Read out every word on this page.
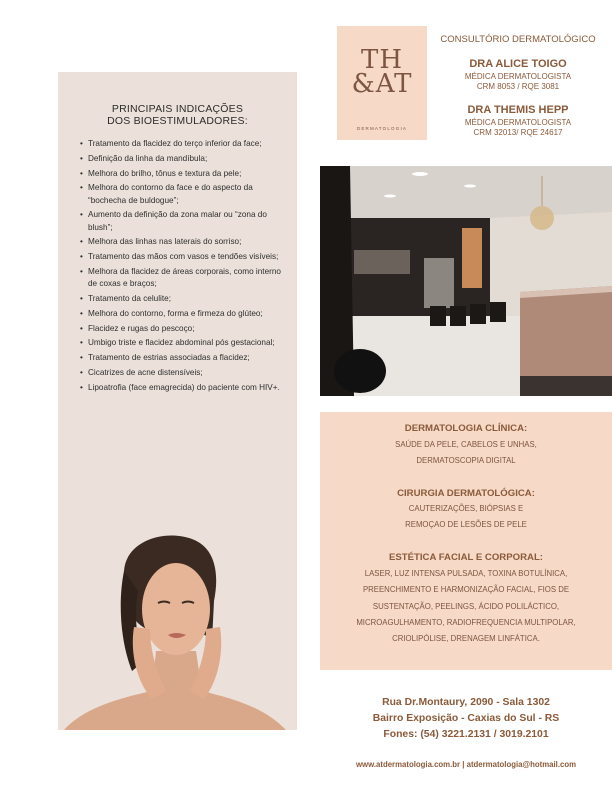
PRINCIPAIS INDICAÇÕES
DOS BIOESTIMULADORES:
• Tratamento da flacidez do terço inferior da face;
• Definição da linha da mandíbula;
• Melhora do brilho, tônus e textura da pele;
• Melhora do contorno da face e do aspecto da “bochecha de buldogue”;
• Aumento da definição da zona malar ou “zona do blush”;
• Melhora das linhas nas laterais do sorriso;
• Tratamento das mãos com vasos e tendões visíveis;
• Melhora da flacidez de áreas corporais, como interno de coxas e braços;
• Tratamento da celulite;
• Melhora do contorno, forma e firmeza do glúteo;
• Flacidez e rugas do pescoço;
• Umbigo triste e flacidez abdominal pós gestacional;
• Tratamento de estrias associadas a flacidez;
• Cicatrizes de acne distensíveis;
• Lipoatrofia (face emagrecida) do paciente com HIV+.
TH
&AT
DERMATOLOGIA
CONSULTÓRIO DERMATOLÓGICO
DRA ALICE TOIGO
MÉDICA DERMATOLOGISTA
CRM 8053 / RQE 3081
DRA THEMIS HEPP
MÉDICA DERMATOLOGISTA
CRM 32013/ RQE 24617
DERMATOLOGIA CLÍNICA:
SAÚDE DA PELE, CABELOS E UNHAS,
DERMATOSCOPIA DIGITAL
CIRURGIA DERMATOLÓGICA:
CAUTERIZAÇÕES, BIÓPSIAS E
REMOÇAO DE LESÕES DE PELE
ESTÉTICA FACIAL E CORPORAL:
LASER, LUZ INTENSA PULSADA, TOXINA BOTULÍNICA,
PREENCHIMENTO E HARMONIZAÇÃO FACIAL, FIOS DE
SUSTENTAÇÃO, PEELINGS, ÁCIDO POLILÁCTICO,
MICROAGULHAMENTO, RADIOFREQUENCIA MULTIPOLAR,
CRIOLIPÓLISE, DRENAGEM LINFÁTICA.
Rua Dr.Montaury, 2090 - Sala 1302
Bairro Exposição - Caxias do Sul - RS
Fones: (54) 3221.2131 / 3019.2101
www.atdermatologia.com.br | atdermatologia@hotmail.com
